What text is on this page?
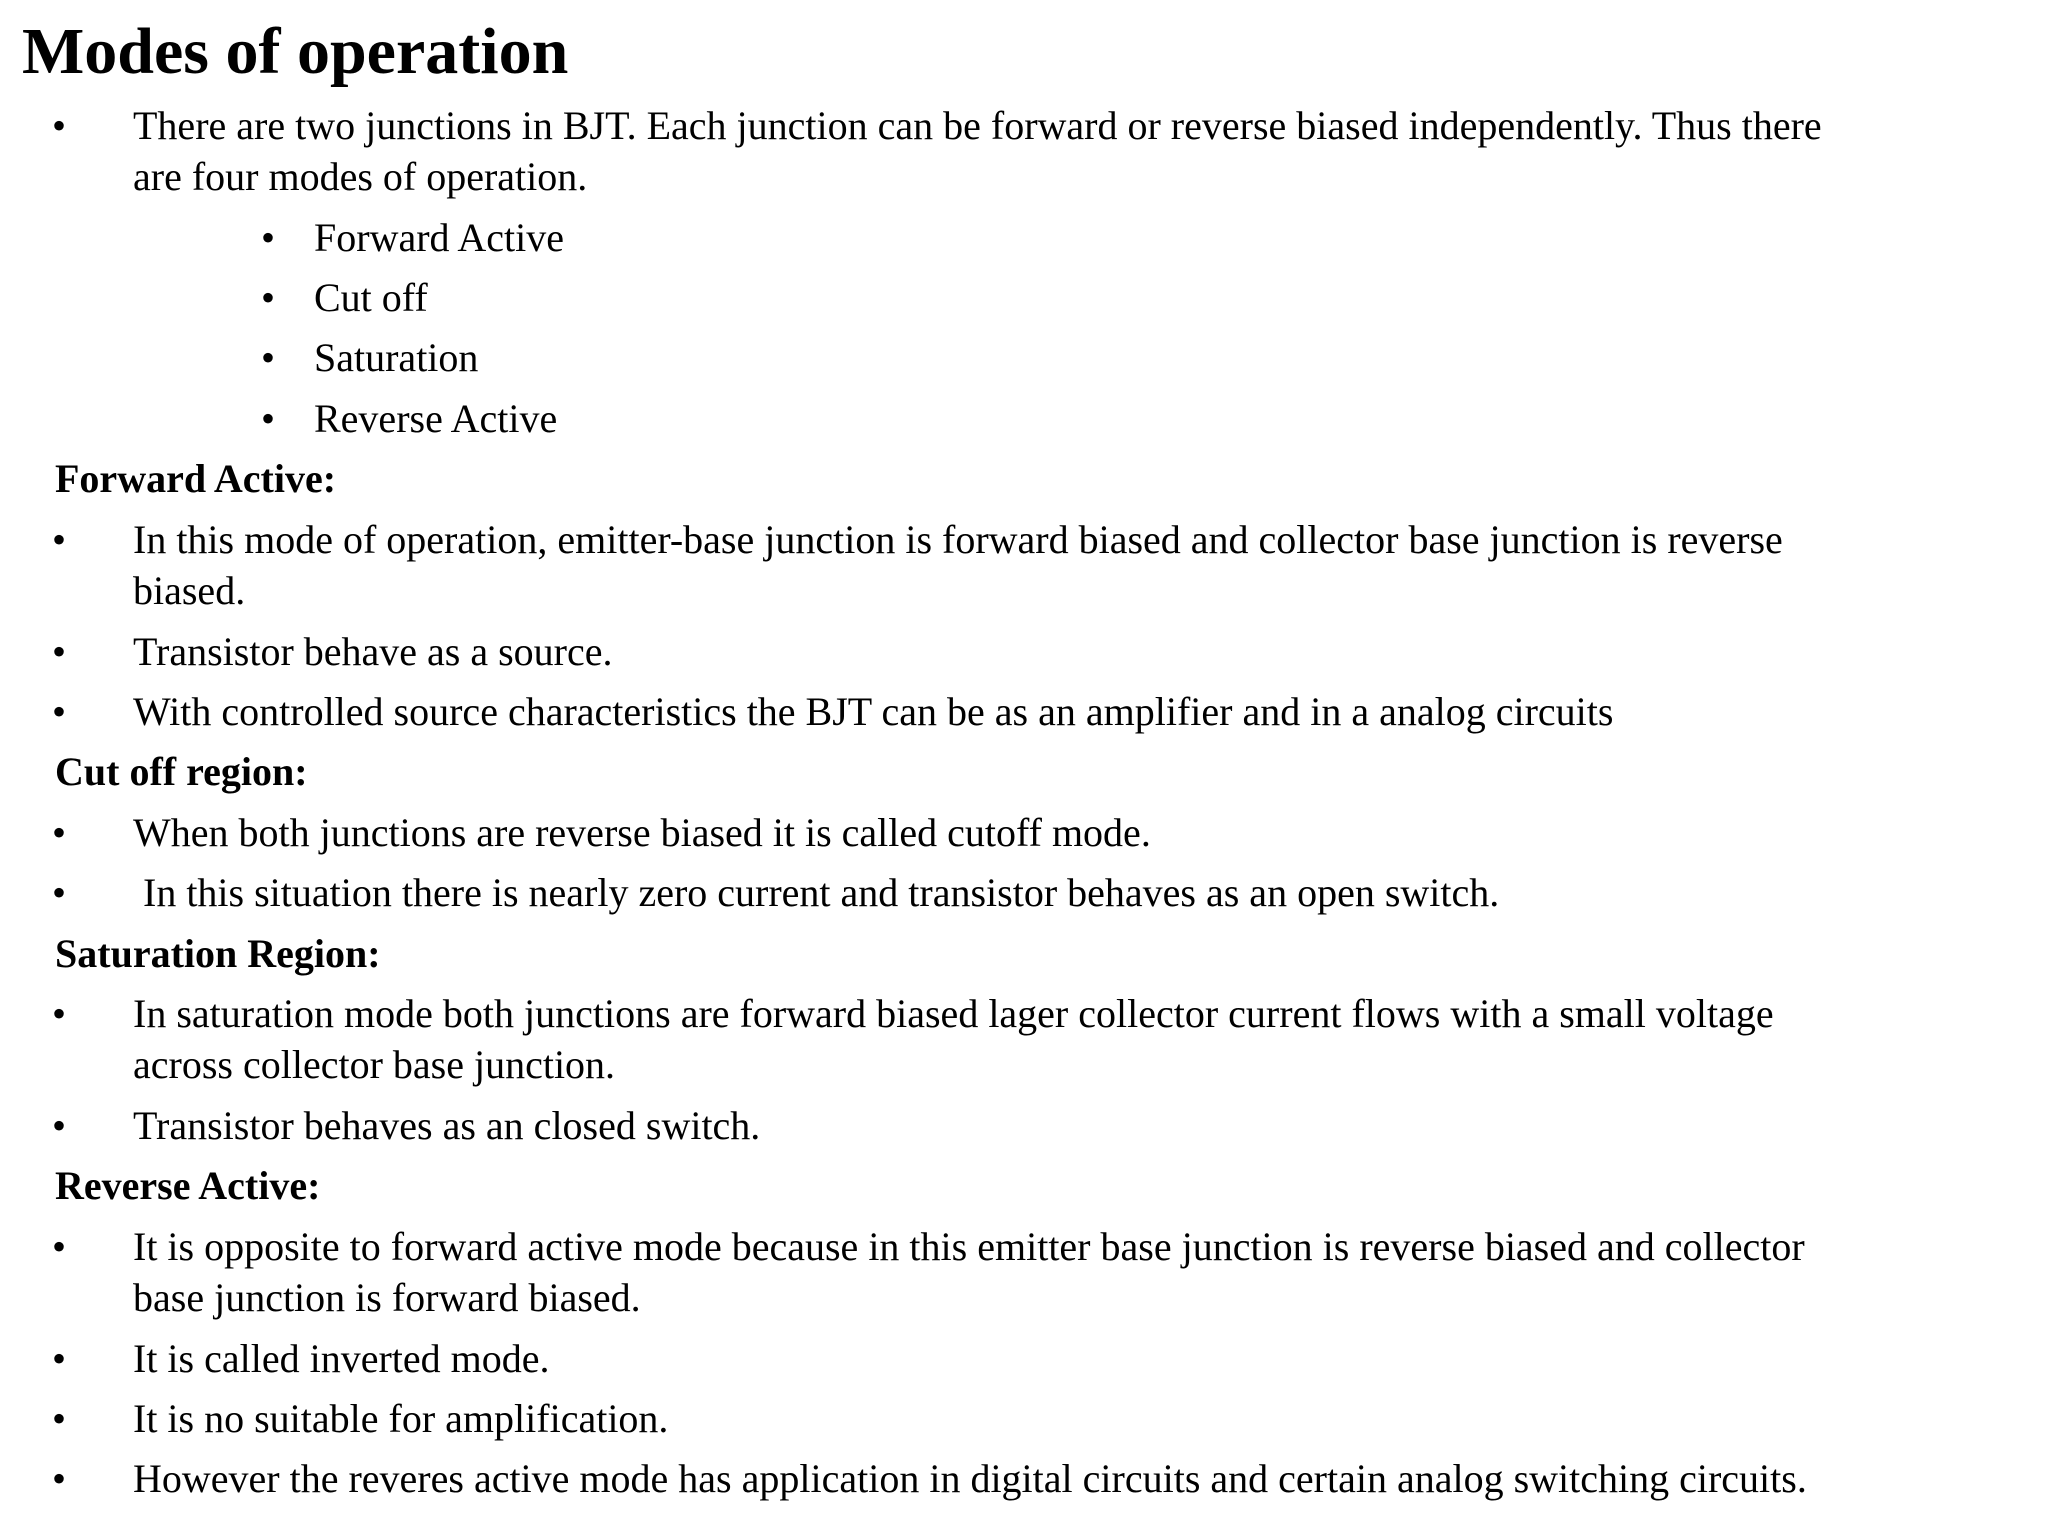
Modes of operation
• There are two junctions in BJT. Each junction can be forward or reverse biased independently. Thus there
are four modes of operation.
• Forward Active
• Cut off
• Saturation
• Reverse Active
Forward Active:
• In this mode of operation, emitter-base junction is forward biased and collector base junction is reverse
biased.
• Transistor behave as a source.
• With controlled source characteristics the BJT can be as an amplifier and in a analog circuits
Cut off region:
• When both junctions are reverse biased it is called cutoff mode.
• In this situation there is nearly zero current and transistor behaves as an open switch.
Saturation Region:
• In saturation mode both junctions are forward biased lager collector current flows with a small voltage
across collector base junction.
• Transistor behaves as an closed switch.
Reverse Active:
• It is opposite to forward active mode because in this emitter base junction is reverse biased and collector
base junction is forward biased.
• It is called inverted mode.
• It is no suitable for amplification.
• However the reveres active mode has application in digital circuits and certain analog switching circuits.
